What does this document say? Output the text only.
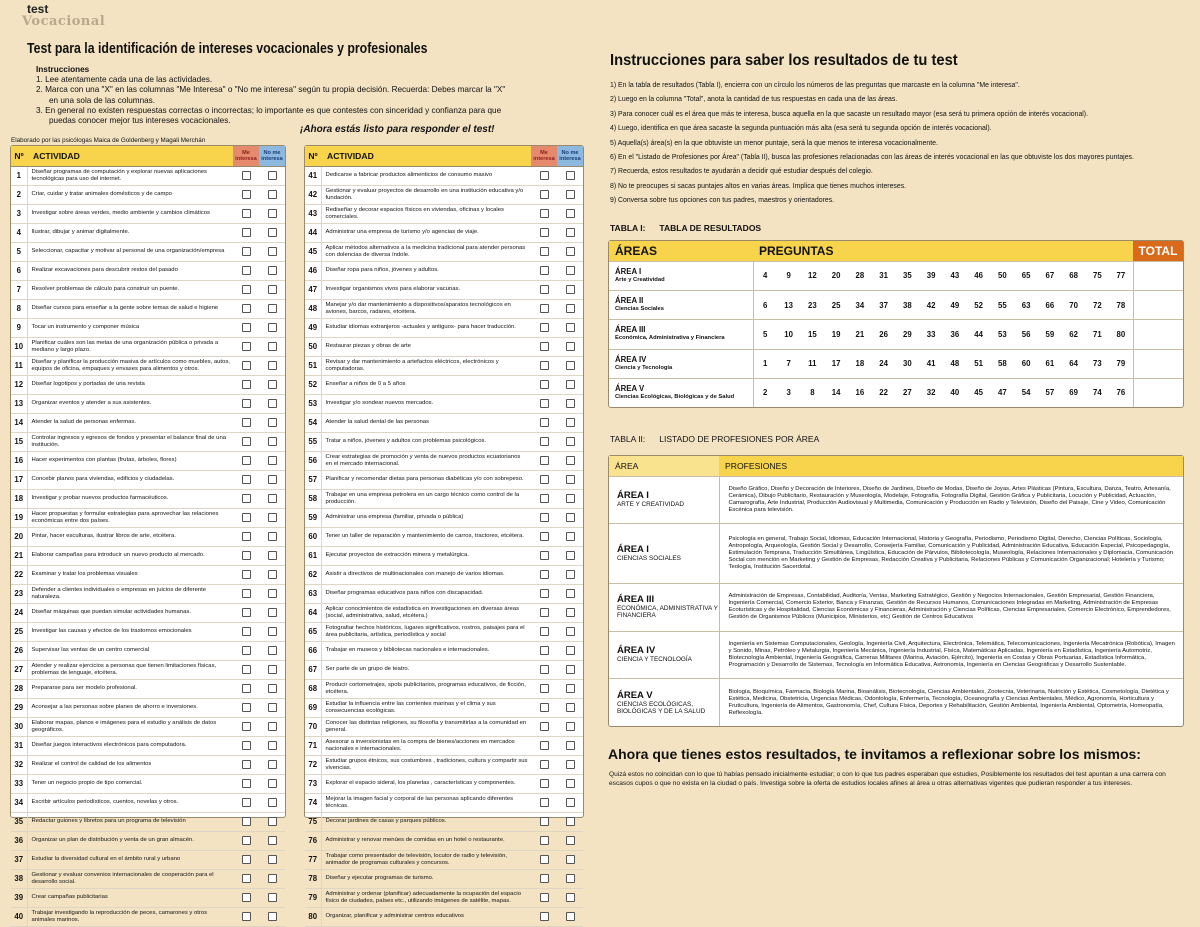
test
Vocacional
Test para la identificación de intereses vocacionales y profesionales
Instrucciones
1. Lee atentamente cada una de las actividades.
2. Marca con una "X" en las columnas "Me Interesa" o "No me interesa" según tu propia decisión. Recuerda: Debes marcar la "X"
en una sola de las columnas.
3. En general no existen respuestas correctas o incorrectas; lo importante es que contestes con sinceridad y confianza para que
puedas conocer mejor tus intereses vocacionales.
¡Ahora estás listo para responder el test!
Elaborado por las psicólogas Maica de Goldenberg y Magali Merchán
Nº	ACTIVIDAD	Me interesa	No me interesa
1	Diseñar programas de computación y explorar nuevas aplicaciones tecnológicas para uso del internet.		
2	Criar, cuidar y tratar animales domésticos y de campo		
3	Investigar sobre áreas verdes, medio ambiente y cambios climáticos		
4	Ilustrar, dibujar y animar digitalmente.		
5	Seleccionar, capacitar y motivar al personal de una organización/empresa		
6	Realizar excavaciones para descubrir restos del pasado		
7	Resolver problemas de cálculo para construir un puente.		
8	Diseñar cursos para enseñar a la gente sobre temas de salud e higiene		
9	Tocar un instrumento y componer música		
10	Planificar cuáles son las metas de una organización pública o privada a mediano y largo plazo.		
11	Diseñar y planificar la producción masiva de artículos como muebles, autos, equipos de oficina, empaques y envases para alimentos y otros.		
12	Diseñar logotipos y portadas de una revista		
13	Organizar eventos y atender a sus asistentes.		
14	Atender la salud de personas enfermas.		
15	Controlar ingresos y egresos de fondos y presentar el balance final de una institución.		
16	Hacer experimentos con plantas (frutas, árboles, flores)		
17	Concebir planos para viviendas, edificios y ciudadelas.		
18	Investigar y probar nuevos productos farmacéuticos.		
19	Hacer propuestas y formular estrategias para aprovechar las relaciones económicas entre dos países.		
20	Pintar, hacer esculturas, ilustrar libros de arte, etcétera.		
21	Elaborar campañas para introducir un nuevo producto al mercado.		
22	Examinar y tratar los problemas visuales		
23	Defender a clientes individuales o empresas en juicios de diferente naturaleza.		
24	Diseñar máquinas que puedan simular actividades humanas.		
25	Investigar las causas y efectos de los trastornos emocionales		
26	Supervisar las ventas de un centro comercial		
27	Atender y realizar ejercicios a personas que tienen limitaciones físicas, problemas de lenguaje, etcétera.		
28	Prepararse para ser modelo profesional.		
29	Aconsejar a las personas sobre planes de ahorro e inversiones.		
30	Elaborar mapas, planos e imágenes para el estudio y análisis de datos geográficos.		
31	Diseñar juegos interactivos electrónicos para computadora.		
32	Realizar el control de calidad de los alimentos		
33	Tener un negocio propio de tipo comercial.		
34	Escribir artículos periodísticos, cuentos, novelas y otros.		
35	Redactar guiones y libretos para un programa de televisión		
36	Organizar un plan de distribución y venta de un gran almacén.		
37	Estudiar la diversidad cultural en el ámbito rural y urbano		
38	Gestionar y evaluar convenios internacionales de cooperación para el desarrollo social.		
39	Crear campañas publicitarias		
40	Trabajar investigando la reproducción de peces, camarones y otros animales marinos.		
Nº	ACTIVIDAD	Me interesa	No me interesa
41	Dedicarse a fabricar productos alimenticios de consumo masivo		
42	Gestionar y evaluar proyectos de desarrollo en una institución educativa y/o fundación.		
43	Rediseñar y decorar espacios físicos en viviendas, oficinas y locales comerciales.		
44	Administrar una empresa de turismo y/o agencias de viaje.		
45	Aplicar métodos alternativos a la medicina tradicional para atender personas con dolencias de diversa índole.		
46	Diseñar ropa para niños, jóvenes y adultos.		
47	Investigar organismos vivos para elaborar vacunas.		
48	Manejar y/o dar mantenimiento a dispositivos/aparatos tecnológicos en aviones, barcos, radares, etcétera.		
49	Estudiar idiomas extranjeros -actuales y antiguos- para hacer traducción.		
50	Restaurar piezas y obras de arte		
51	Revisar y dar mantenimiento a artefactos eléctricos, electrónicos y computadoras.		
52	Enseñar a niños de 0 a 5 años		
53	Investigar y/o sondear nuevos mercados.		
54	Atender la salud dental de las personas		
55	Tratar a niños, jóvenes y adultos con problemas psicológicos.		
56	Crear estrategias de promoción y venta de nuevos productos ecuatorianos en el mercado internacional.		
57	Planificar y recomendar dietas para personas diabéticas y/o con sobrepeso.		
58	Trabajar en una empresa petrolera en un cargo técnico como control de la producción.		
59	Administrar una empresa (familiar, privada o pública)		
60	Tener un taller de reparación y mantenimiento de carros, tractores, etcétera.		
61	Ejecutar proyectos de extracción minera y metalúrgica.		
62	Asistir a directivos de multinacionales con manejo de varios idiomas.		
63	Diseñar programas educativos para niños con discapacidad.		
64	Aplicar conocimientos de estadística en investigaciones en diversas áreas (social, administrativa, salud, etcétera.)		
65	Fotografiar hechos históricos, lugares significativos, rostros, paisajes para el área publicitaria, artística, periodística y social		
66	Trabajar en museos y bibliotecas nacionales e internacionales.		
67	Ser parte de un grupo de teatro.		
68	Producir cortometrajes, spots publicitarios, programas educativos, de ficción, etcétera.		
69	Estudiar la influencia entre las corrientes marinas y el clima y sus consecuencias ecológicas.		
70	Conocer las distintas religiones, su filosofía y transmitirlas a la comunidad en general.		
71	Asesorar a inversionistas en la compra de bienes/acciones en mercados nacionales e internacionales.		
72	Estudiar grupos étnicos, sus costumbres , tradiciones, cultura y compartir sus vivencias.		
73	Explorar el espacio sideral, los planetas , características y componentes.		
74	Mejorar la imagen facial y corporal de las personas aplicando diferentes técnicas.		
75	Decorar jardines de casas y parques públicos.		
76	Administrar y renovar menúes de comidas en un hotel o restaurante.		
77	Trabajar como presentador de televisión, locutor de radio y televisión, animador de programas culturales y concursos.		
78	Diseñar y ejecutar programas de turismo.		
79	Administrar y ordenar (planificar) adecuadamente la ocupación del espacio físico de ciudades, países etc., utilizando imágenes de satélite, mapas.		
80	Organizar, planificar y administrar centros educativos		
Instrucciones para saber los resultados de tu test

1) En la tabla de resultados (Tabla I), encierra con un círculo los números de las preguntas que marcaste en la columna "Me interesa".

2) Luego en la columna "Total", anota la cantidad de tus respuestas en cada una de las áreas.

3) Para conocer cuál es el área que más te interesa, busca aquella en la que sacaste un resultado mayor (esa será tu primera opción de interés vocacional).

4) Luego, identifica en que área sacaste la segunda puntuación más alta (esa será tu segunda opción de interés vocacional).

5) Aquella(s) área(s) en la que obtuviste un menor puntaje, será la que menos te interesa vocacionalmente.

6) En el "Listado de Profesiones por Área" (Tabla II), busca las profesiones relacionadas con las áreas de interés vocacional en las que obtuviste los dos mayores puntajes.

7) Recuerda, estos resultados te ayudarán a decidir qué estudiar después del colegio.

8) No te preocupes si sacas puntajes altos en varias áreas. Implica que tienes muchos intereses.

9) Conversa sobre tus opciones con tus padres, maestros y orientadores.

TABLA I: TABLA DE RESULTADOS
ÁREAS	PREGUNTAS																TOTAL
ÁREA I
Arte y Creatividad	4	9	12	20	28	31	35	39	43	46	50	65	67	68	75	77	
ÁREA II
Ciencias Sociales	6	13	23	25	34	37	38	42	49	52	55	63	66	70	72	78	
ÁREA III
Económica, Administrativa y Financiera	5	10	15	19	21	26	29	33	36	44	53	56	59	62	71	80	
ÁREA IV
Ciencia y Tecnología	1	7	11	17	18	24	30	41	48	51	58	60	61	64	73	79	
ÁREA V
Ciencias Ecológicas, Biológicas y de Salud	2	3	8	14	16	22	27	32	40	45	47	54	57	69	74	76	
TABLA II: LISTADO DE PROFESIONES POR ÁREA
ÁREA	PROFESIONES

ÁREA I
ARTE Y CREATIVIDAD	Diseño Gráfico, Diseño y Decoración de Interiores, Diseño de Jardines, Diseño de Modas, Diseño de Joyas, Artes Plásticas (Pintura, Escultura, Danza, Teatro, Artesanía, Cerámica), Dibujo Publicitario, Restauración y Museología, Modelaje, Fotografía, Fotografía Digital, Gestión Gráfica y Publicitaria, Locución y Publicidad, Actuación, Camarografía, Arte Industrial, Producción Audiovisual y Multimedia, Comunicación y Producción en Radio y Televisión, Diseño del Paisaje, Cine y Video, Comunicación Escénica para televisión.

ÁREA I
CIENCIAS SOCIALES	Psicología en general, Trabajo Social, Idiomas, Educación Internacional, Historia y Geografía, Periodismo, Periodismo Digital, Derecho, Ciencias Políticas, Sociología, Antropología, Arqueología, Gestión Social y Desarrollo, Consejería Familiar, Comunicación y Publicidad, Administración Educativa, Educación Especial, Psicopedagogía, Estimulación Temprana, Traducción Simultánea, Lingüística, Educación de Párvulos, Bibliotecología, Museología, Relaciones Internacionales y Diplomacia, Comunicación Social con mención en Marketing y Gestión de Empresas, Redacción Creativa y Publicitaria, Relaciones Públicas y Comunicación Organizacional; Hotelería y Turismo; Teología, Institución Sacerdotal.

ÁREA III
ECONÓMICA, ADMINISTRATIVA Y FINANCIERA	Administración de Empresas, Contabilidad, Auditoría, Ventas, Marketing Estratégico, Gestión y Negocios Internacionales, Gestión Empresarial, Gestión Financiera, Ingeniería Comercial, Comercio Exterior, Banca y Finanzas, Gestión de Recursos Humanos, Comunicaciones Integradas en Marketing, Administración de Empresas Ecoturísticas y de Hospitalidad, Ciencias Económicas y Financieras, Administración y Ciencias Políticas, Ciencias Empresariales, Comercio Electrónico, Emprendedores, Gestión de Organismos Públicos (Municipios, Ministerios, etc) Gestión de Centros Educativos

ÁREA IV
CIENCIA Y TECNOLOGÍA	Ingeniería en Sistemas Computacionales, Geología, Ingeniería Civil, Arquitectura, Electrónica, Telemática, Telecomunicaciones, Ingeniería Mecatrónica (Robótica), Imagen y Sonido, Minas, Petróleo y Metalurgia, Ingeniería Mecánica, Ingeniería Industrial, Física, Matemáticas Aplicadas, Ingeniería en Estadística, Ingeniería Automotriz, Biotecnología Ambiental, Ingeniería Geográfica, Carreras Militares (Marina, Aviación, Ejército), Ingeniería en Costas y Obras Portuarias, Estadística Informática, Programación y Desarrollo de Sistemas, Tecnología en Informática Educativa, Astronomía, Ingeniería en Ciencias Geográficas y Desarrollo Sustentable.

ÁREA V
CIENCIAS ECOLÓGICAS, BIOLÓGICAS Y DE LA SALUD	Biología, Bioquímica, Farmacia, Biología Marina, Bioanálisis, Biotecnología, Ciencias Ambientales, Zootecnia, Veterinaria, Nutrición y Estética, Cosmetología, Dietética y Estética, Medicina, Obstetricia, Urgencias Médicas, Odontología, Enfermería, Tecnología, Oceanografía y Ciencias Ambientales, Médico, Agronomía, Horticultura y Fruticultura, Ingeniería de Alimentos, Gastronomía, Chef, Cultura Física, Deportes y Rehabilitación, Gestión Ambiental, Ingeniería Ambiental, Optometría, Homeopatía, Reflexología.
Ahora que tienes estos resultados, te invitamos a reflexionar sobre los mismos:
Quizá estos no coincidan con lo que tú habías pensado inicialmente estudiar; o con lo que tus padres esperaban que estudies, Posiblemente los resultados del test apuntan a una carrera con escasos cupos o que no exista en la ciudad o país. Investiga sobre la oferta de estudios locales afines al área u otras alternativas vigentes que pudieran responder a tus intereses.
